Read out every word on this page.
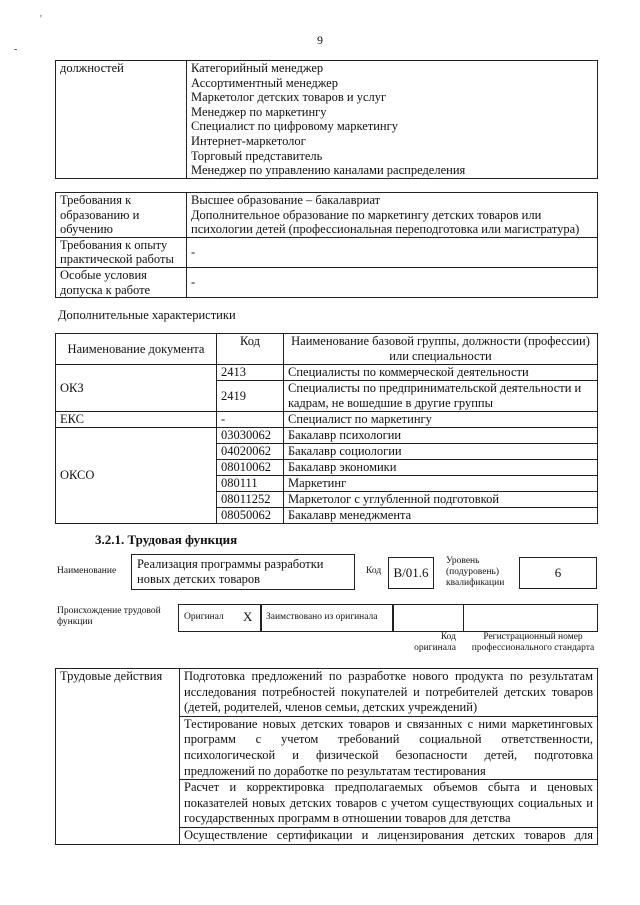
9
'
-
должностей	Категорийный менеджер
Ассортиментный менеджер
Маркетолог детских товаров и услуг
Менеджер по маркетингу
Специалист по цифровому маркетингу
Интернет-маркетолог
Торговый представитель
Менеджер по управлению каналами распределения
Требования к образованию и обучению	Высшее образование – бакалавриат
Дополнительное образование по маркетингу детских товаров или психологии детей (профессиональная переподготовка или магистратура)

Требования к опыту практической работы	-
Особые условия допуска к работе	-
Дополнительные характеристики
Наименование документа	Код	Наименование базовой группы, должности (профессии) или специальности
ОКЗ	2413	Специалисты по коммерческой деятельности
	2419	Специалисты по предпринимательской деятельности и кадрам, не вошедшие в другие группы
ЕКС	-	Специалист по маркетингу
ОКСО	03030062	Бакалавр психологии
	04020062	Бакалавр социологии
	08010062	Бакалавр экономики
	080111	Маркетинг
	08011252	Маркетолог с углубленной подготовкой
	08050062	Бакалавр менеджмента
3.2.1. Трудовая функция
Наименование	Реализация программы разработки новых детских товаров
Код B/01.6
Уровень (подуровень) квалификации
6
Происхождение трудовой функции	Оригинал X Заимствовано из оригинала
Код оригинала
Регистрационный номер профессионального стандарта
Трудовые действия	Подготовка предложений по разработке нового продукта по результатам исследования потребностей покупателей и потребителей детских товаров (детей, родителей, членов семьи, детских учреждений)
Тестирование новых детских товаров и связанных с ними маркетинговых программ с учетом требований социальной ответственности, психологической и физической безопасности детей, подготовка предложений по доработке по результатам тестирования
Расчет и корректировка предполагаемых объемов сбыта и ценовых показателей новых детских товаров с учетом существующих социальных и государственных программ в отношении товаров для детства
Осуществление сертификации и лицензирования детских товаров для
